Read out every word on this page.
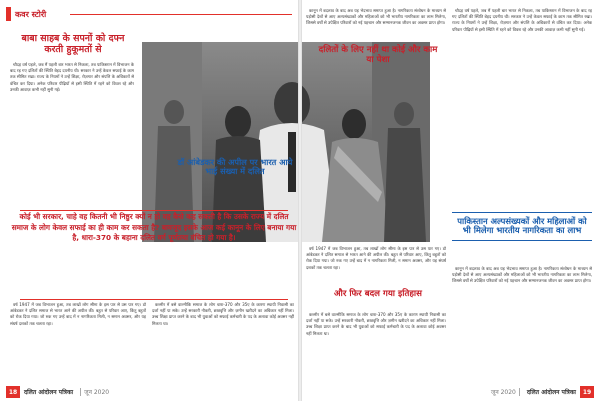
कवर स्टोरी
बाबा साहब के सपनों को दफ्न करती हुकूमतों से

चौदह वर्ष पहले, जब मैं पहली बार भारत से निकला, तब पाकिस्तान में विभाजन के बाद रह गए दलितों की स्थिति बेहद दयनीय थी। सरकार ने उन्हें केवल सफाई के काम तक सीमित रखा। राज्य के नियमों ने उन्हें शिक्षा, रोज़गार और संपत्ति के अधिकारों से वंचित कर दिया। अनेक परिवार पीढ़ियों से इसी स्थिति में रहने को विवश रहे और उनकी आवाज़ कभी नहीं सुनी गई।

डॉ आंबेडकर की अपील पर भारत आये भाई संख्या में दलित
कोई भी सरकार, चाहे वह कितनी भी निष्ठुर क्यों न हो वह कैसे कह सकती है कि उसके राज्य में दलित समाज के लोग केवल सफाई का ही काम कर सकता है? बावजूद इसके आज कई कानून के लिए बनाया गया है, धारा-370 के बहाना दलित वर्ग पूर्णतया वंचित हो गया है।

वर्ष 1947 में जब विभाजन हुआ, तब लाखों लोग सीमा के इस पार से उस पार गए। डॉ आंबेडकर ने दलित समाज से भारत आने की अपील की। बहुत से परिवार आए, किंतु बहुतों को रोक दिया गया। जो रुक गए उन्हें बाद में न नागरिकता मिली, न समान अवसर, और यह संघर्ष दशकों तक चलता रहा।

कश्मीर में बसे वाल्मीकि समाज के लोग धारा-370 और 35ए के कारण स्थायी निवासी का दर्जा नहीं पा सके। उन्हें सरकारी नौकरी, छात्रवृत्ति और ज़मीन खरीदने का अधिकार नहीं मिला। उच्च शिक्षा प्राप्त करने के बाद भी युवाओं को सफाई कर्मचारी के पद के अलावा कोई अवसर नहीं मिलता था।

कानून में बदलाव के बाद अब यह भेदभाव समाप्त हुआ है। नागरिकता संशोधन के माध्यम से पड़ोसी देशों से आए अल्पसंख्यकों और महिलाओं को भी भारतीय नागरिकता का लाभ मिलेगा, जिससे वर्षों से उपेक्षित परिवारों को नई पहचान और सम्मानजनक जीवन का अवसर प्राप्त होगा।

दलितों के लिए नहीं था कोई और काम या पेशा

चौदह वर्ष पहले, जब मैं पहली बार भारत से निकला, तब पाकिस्तान में विभाजन के बाद रह गए दलितों की स्थिति बेहद दयनीय थी। सरकार ने उन्हें केवल सफाई के काम तक सीमित रखा। राज्य के नियमों ने उन्हें शिक्षा, रोज़गार और संपत्ति के अधिकारों से वंचित कर दिया। अनेक परिवार पीढ़ियों से इसी स्थिति में रहने को विवश रहे और उनकी आवाज़ कभी नहीं सुनी गई।

वर्ष 1947 में जब विभाजन हुआ, तब लाखों लोग सीमा के इस पार से उस पार गए। डॉ आंबेडकर ने दलित समाज से भारत आने की अपील की। बहुत से परिवार आए, किंतु बहुतों को रोक दिया गया। जो रुक गए उन्हें बाद में न नागरिकता मिली, न समान अवसर, और यह संघर्ष दशकों तक चलता रहा।

और फिर बदल गया इतिहास

कश्मीर में बसे वाल्मीकि समाज के लोग धारा-370 और 35ए के कारण स्थायी निवासी का दर्जा नहीं पा सके। उन्हें सरकारी नौकरी, छात्रवृत्ति और ज़मीन खरीदने का अधिकार नहीं मिला। उच्च शिक्षा प्राप्त करने के बाद भी युवाओं को सफाई कर्मचारी के पद के अलावा कोई अवसर नहीं मिलता था।

पाकिस्तान अल्पसंख्यकों और महिलाओं को भी मिलेगा भारतीय नागरिकता का लाभ

कानून में बदलाव के बाद अब यह भेदभाव समाप्त हुआ है। नागरिकता संशोधन के माध्यम से पड़ोसी देशों से आए अल्पसंख्यकों और महिलाओं को भी भारतीय नागरिकता का लाभ मिलेगा, जिससे वर्षों से उपेक्षित परिवारों को नई पहचान और सम्मानजनक जीवन का अवसर प्राप्त होगा।

18	दलित आंदोलन पत्रिका जून 2020	जून 2020 दलित आंदोलन पत्रिका	19
